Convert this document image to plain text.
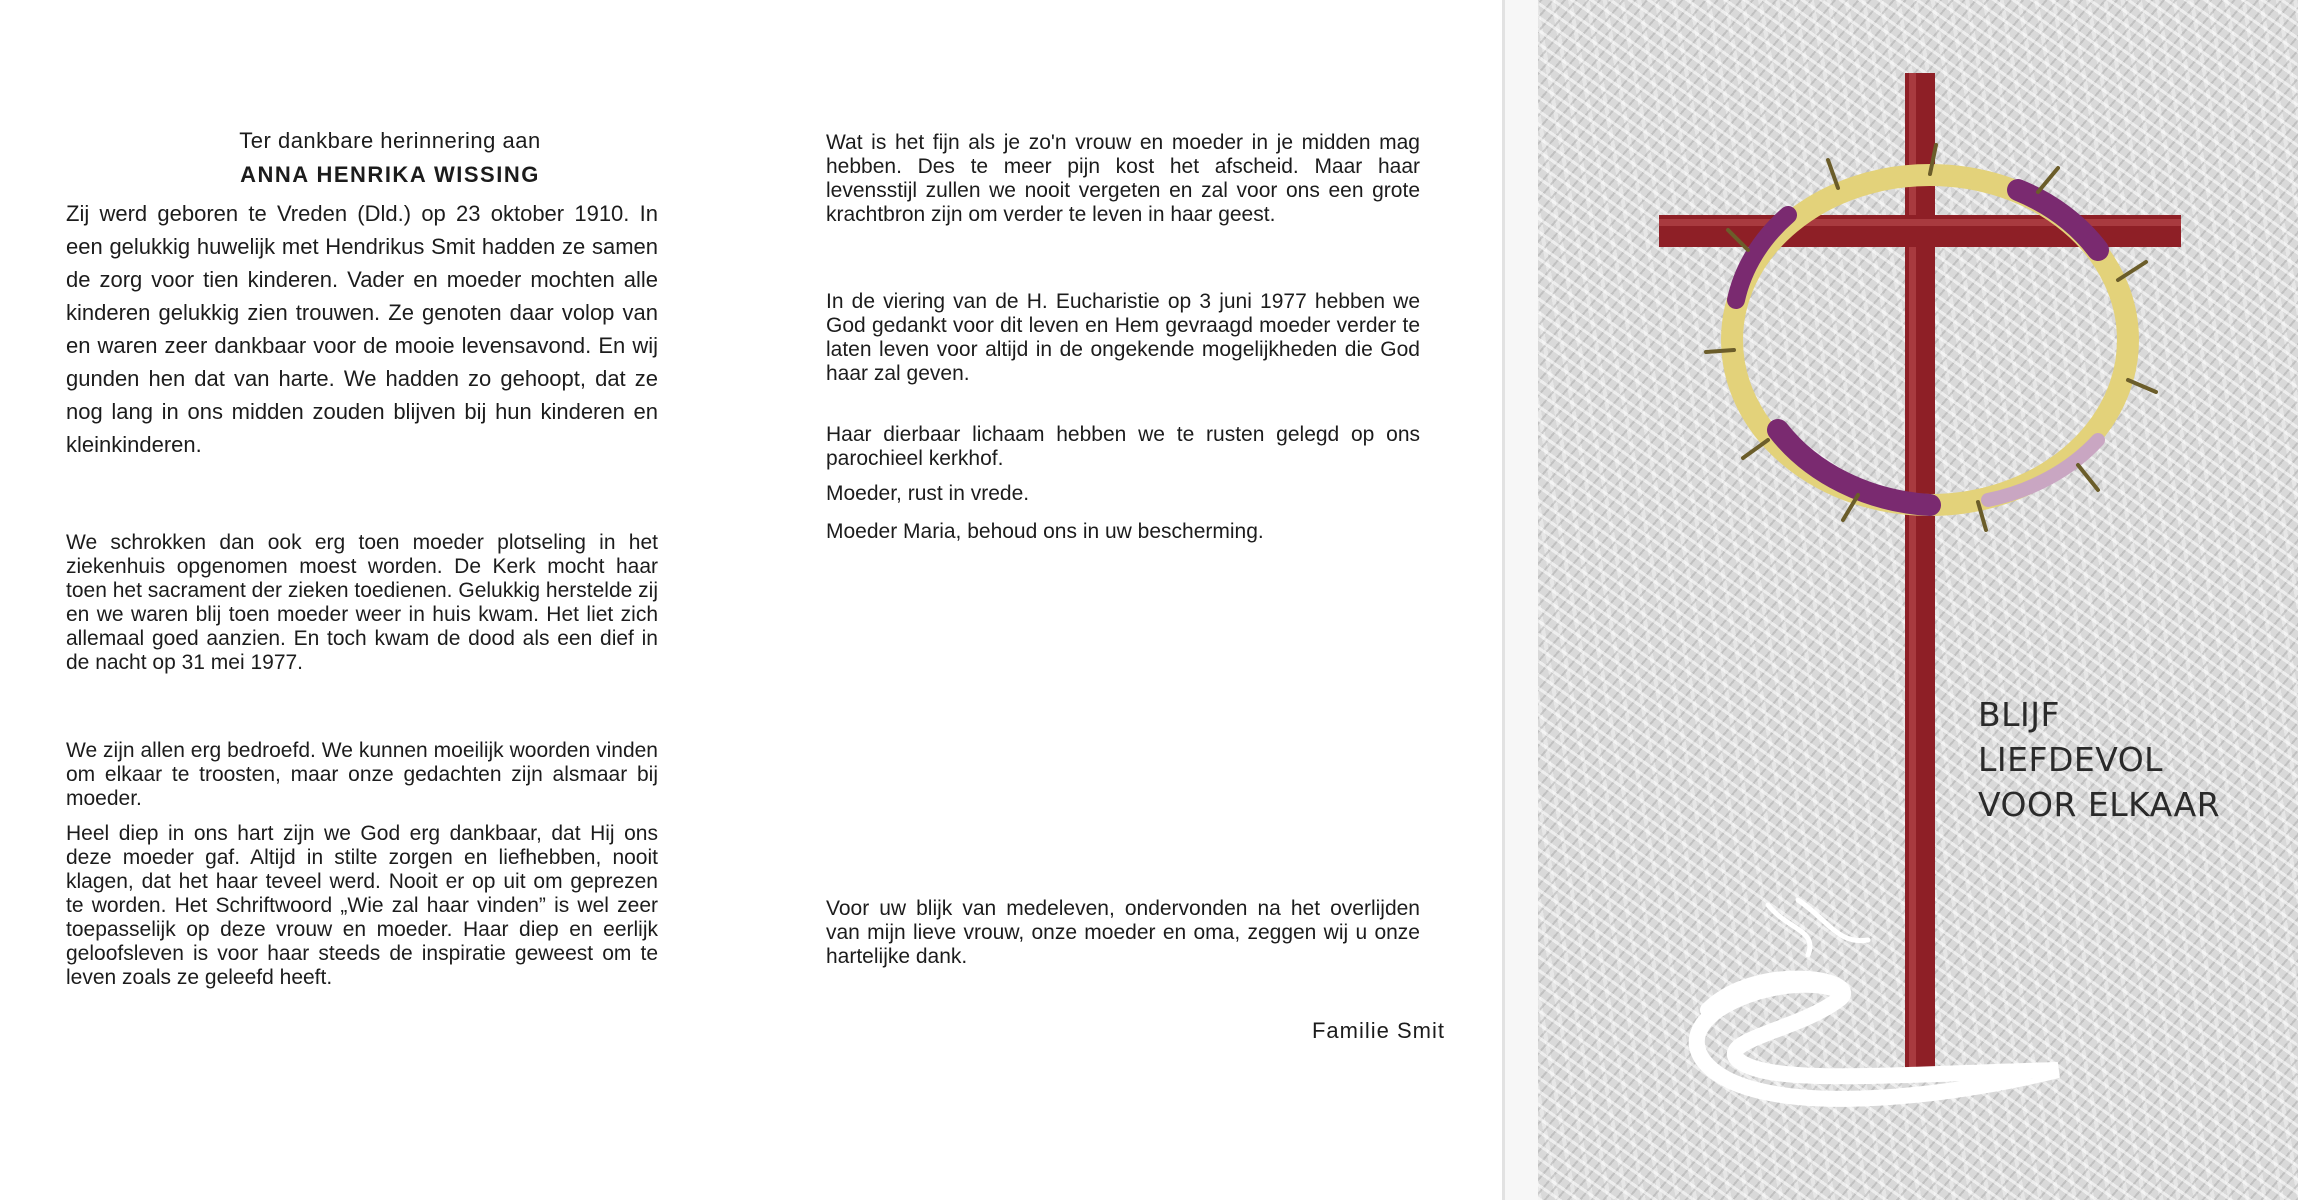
Ter dankbare herinnering aan
ANNA HENRIKA WISSING

Zij werd geboren te Vreden (Dld.) op 23 oktober 1910. In een gelukkig huwelijk met Hendrikus Smit hadden ze samen de zorg voor tien kinderen. Vader en moeder mochten alle kinderen gelukkig zien trouwen. Ze genoten daar volop van en waren zeer dankbaar voor de mooie levensavond. En wij gunden hen dat van harte. We hadden zo gehoopt, dat ze nog lang in ons midden zouden blijven bij hun kinderen en kleinkinderen.

We schrokken dan ook erg toen moeder plotseling in het ziekenhuis opgenomen moest worden. De Kerk mocht haar toen het sacrament der zieken toedienen. Gelukkig herstelde zij en we waren blij toen moeder weer in huis kwam. Het liet zich allemaal goed aanzien. En toch kwam de dood als een dief in de nacht op 31 mei 1977.

We zijn allen erg bedroefd. We kunnen moeilijk woorden vinden om elkaar te troosten, maar onze gedachten zijn alsmaar bij moeder.

Heel diep in ons hart zijn we God erg dankbaar, dat Hij ons deze moeder gaf. Altijd in stilte zorgen en liefhebben, nooit klagen, dat het haar teveel werd. Nooit er op uit om geprezen te worden. Het Schriftwoord „Wie zal haar vinden” is wel zeer toepasselijk op deze vrouw en moeder. Haar diep en eerlijk geloofsleven is voor haar steeds de inspiratie geweest om te leven zoals ze geleefd heeft.

Wat is het fijn als je zo'n vrouw en moeder in je midden mag hebben. Des te meer pijn kost het afscheid. Maar haar levensstijl zullen we nooit vergeten en zal voor ons een grote krachtbron zijn om verder te leven in haar geest.

In de viering van de H. Eucharistie op 3 juni 1977 hebben we God gedankt voor dit leven en Hem gevraagd moeder verder te laten leven voor altijd in de ongekende mogelijkheden die God haar zal geven.

Haar dierbaar lichaam hebben we te rusten gelegd op ons parochieel kerkhof.

Moeder, rust in vrede.

Moeder Maria, behoud ons in uw bescherming.

Voor uw blijk van medeleven, ondervonden na het overlijden van mijn lieve vrouw, onze moeder en oma, zeggen wij u onze hartelijke dank.

Familie Smit
BLIJF
LIEFDEVOL
VOOR ELKAAR
